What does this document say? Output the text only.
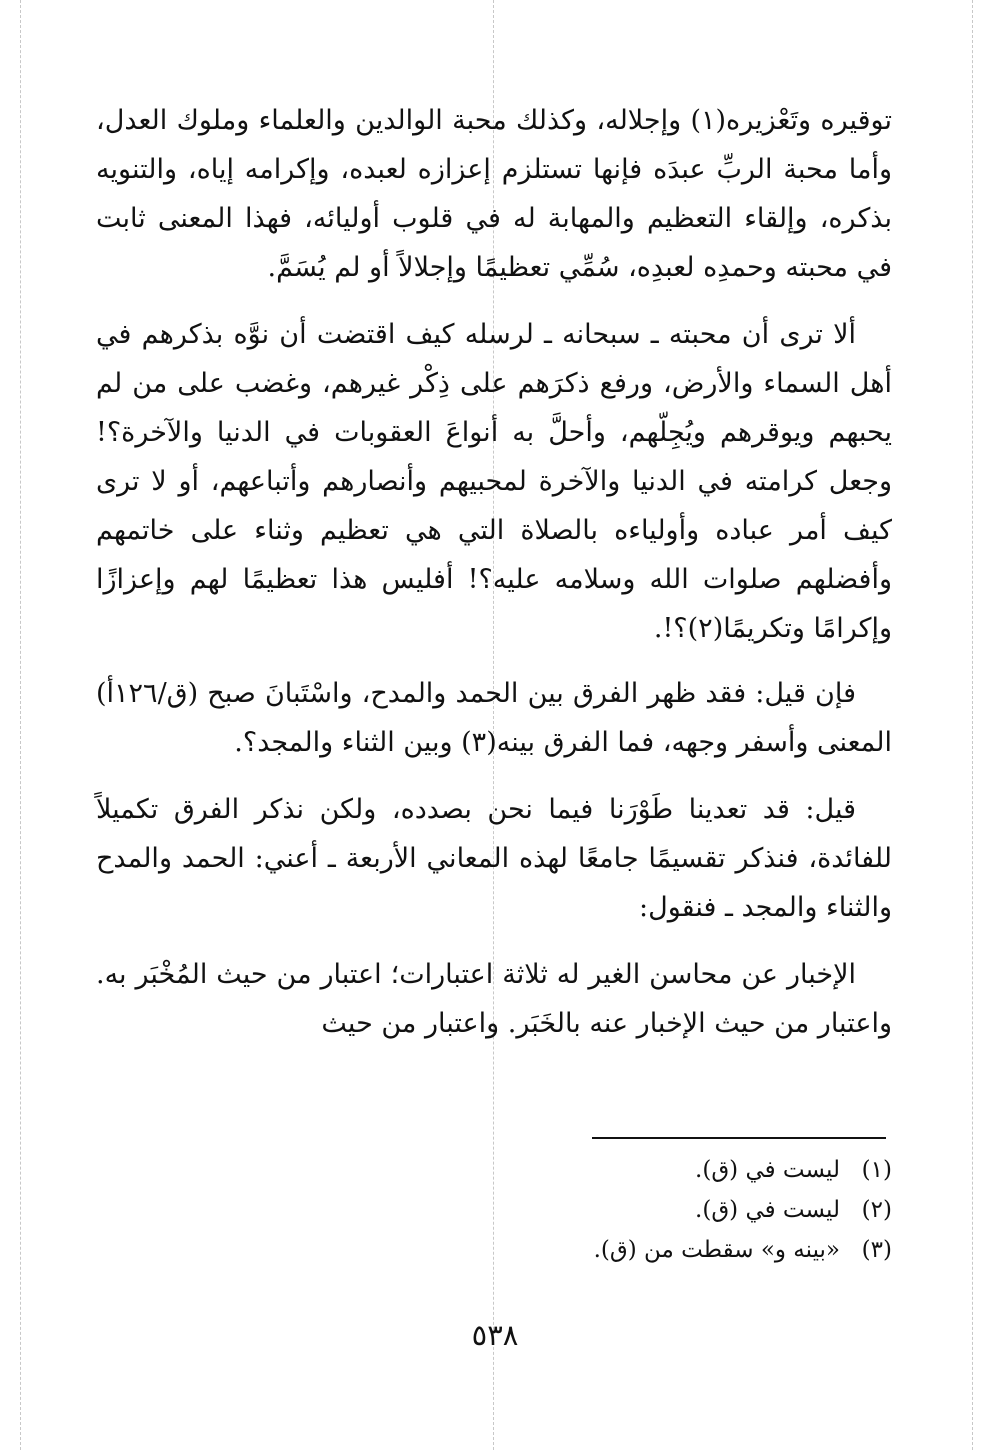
توقيره وتَعْزيره(١) وإجلاله، وكذلك محبة الوالدين والعلماء وملوك العدل، وأما محبة الربِّ عبدَه فإنها تستلزم إعزازه لعبده، وإكرامه إياه، والتنويه بذكره، وإلقاء التعظيم والمهابة له في قلوب أوليائه، فهذا المعنى ثابت في محبته وحمدِه لعبدِه، سُمِّي تعظيمًا وإجلالاً أو لم يُسَمَّ.

ألا ترى أن محبته ـ سبحانه ـ لرسله كيف اقتضت أن نوَّه بذكرهم في أهل السماء والأرض، ورفع ذكرَهم على ذِكْر غيرهم، وغضب على من لم يحبهم ويوقرهم ويُجِلّهم، وأحلَّ به أنواعَ العقوبات في الدنيا والآخرة؟! وجعل كرامته في الدنيا والآخرة لمحبيهم وأنصارهم وأتباعهم، أو لا ترى كيف أمر عباده وأولياءه بالصلاة التي هي تعظيم وثناء على خاتمهم وأفضلهم صلوات الله وسلامه عليه؟! أفليس هذا تعظيمًا لهم وإعزازًا وإكرامًا وتكريمًا(٢)؟!.

فإن قيل: فقد ظهر الفرق بين الحمد والمدح، واسْتَبانَ صبح (ق/١٢٦أ) المعنى وأسفر وجهه، فما الفرق بينه(٣) وبين الثناء والمجد؟.

قيل: قد تعدينا طَوْرَنا فيما نحن بصدده، ولكن نذكر الفرق تكميلاً للفائدة، فنذكر تقسيمًا جامعًا لهذه المعاني الأربعة ـ أعني: الحمد والمدح والثناء والمجد ـ فنقول:

الإخبار عن محاسن الغير له ثلاثة اعتبارات؛ اعتبار من حيث المُخْبَر به. واعتبار من حيث الإخبار عنه بالخَبَر. واعتبار من حيث

(١)
ليست في (ق).
(٢)
ليست في (ق).
(٣)
«بينه و» سقطت من (ق).
٥٣٨
